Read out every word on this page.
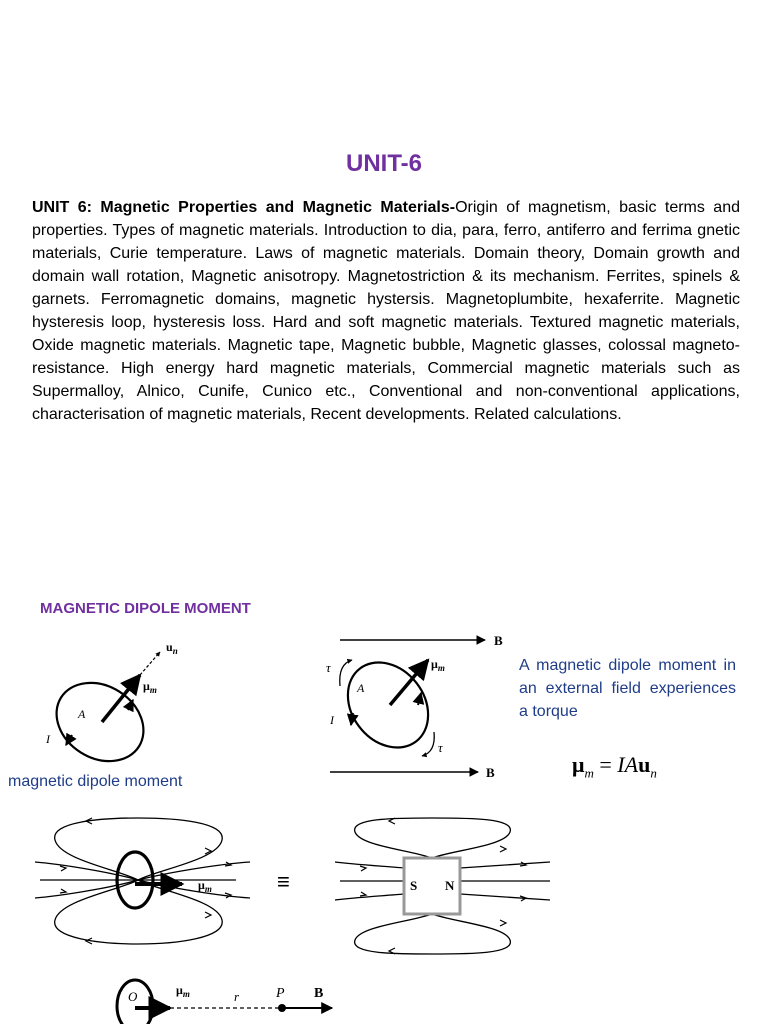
UNIT-6
UNIT 6: Magnetic Properties and Magnetic Materials-Origin of magnetism, basic terms and properties. Types of magnetic materials. Introduction to dia, para, ferro, antiferro and ferrima gnetic materials, Curie temperature. Laws of magnetic materials. Domain theory, Domain growth and domain wall rotation, Magnetic anisotropy. Magnetostriction & its mechanism. Ferrites, spinels & garnets. Ferromagnetic domains, magnetic hystersis. Magnetoplumbite, hexaferrite. Magnetic hysteresis loop, hysteresis loss. Hard and soft magnetic materials. Textured magnetic materials, Oxide magnetic materials. Magnetic tape, Magnetic bubble, Magnetic glasses, colossal magneto- resistance. High energy hard magnetic materials, Commercial magnetic materials such as Supermalloy, Alnico, Cunife, Cunico etc., Conventional and non-conventional applications, characterisation of magnetic materials, Recent developments. Related calculations.
MAGNETIC DIPOLE MOMENT
A magnetic dipole moment in an external field experiences a torque
magnetic dipole moment
$\mu_m = IAu_n$
$u_n$
$\mu_m$
A
I
B
B
$\mu_m$
A
I
τ
τ
$\mu_m$	≡	S N
O	$\mu_m$	r	P B
